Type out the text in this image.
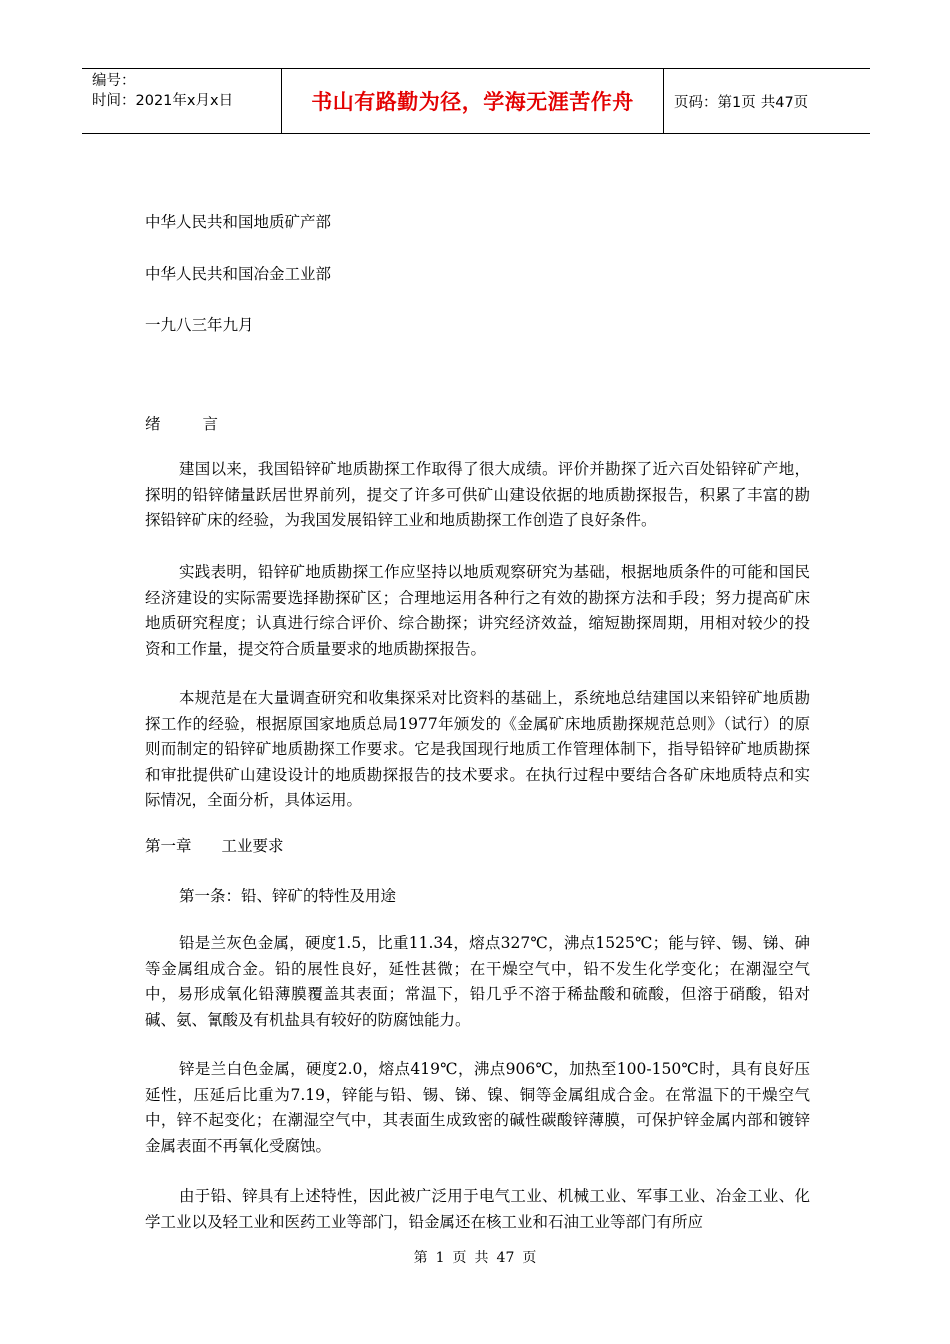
编号：
时间：2021年x月x日	书山有路勤为径，学海无涯苦作舟	页码：第1页 共47页
中华人民共和国地质矿产部
中华人民共和国冶金工业部
一九八三年九月
绪	言
建国以来，我国铅锌矿地质勘探工作取得了很大成绩。评价并勘探了近六百处铅锌矿产地，探明的铅锌储量跃居世界前列，提交了许多可供矿山建设依据的地质勘探报告，积累了丰富的勘探铅锌矿床的经验，为我国发展铅锌工业和地质勘探工作创造了良好条件。
实践表明，铅锌矿地质勘探工作应坚持以地质观察研究为基础，根据地质条件的可能和国民经济建设的实际需要选择勘探矿区；合理地运用各种行之有效的勘探方法和手段；努力提高矿床地质研究程度；认真进行综合评价、综合勘探；讲究经济效益，缩短勘探周期，用相对较少的投资和工作量，提交符合质量要求的地质勘探报告。
本规范是在大量调查研究和收集探采对比资料的基础上，系统地总结建国以来铅锌矿地质勘探工作的经验，根据原国家地质总局1977年颁发的《金属矿床地质勘探规范总则》（试行）的原则而制定的铅锌矿地质勘探工作要求。它是我国现行地质工作管理体制下，指导铅锌矿地质勘探和审批提供矿山建设设计的地质勘探报告的技术要求。在执行过程中要结合各矿床地质特点和实际情况，全面分析，具体运用。
第一章 工业要求
第一条：铅、锌矿的特性及用途
铅是兰灰色金属，硬度1.5，比重11.34，熔点327℃，沸点1525℃；能与锌、锡、锑、砷等金属组成合金。铅的展性良好，延性甚微；在干燥空气中，铅不发生化学变化；在潮湿空气中，易形成氧化铅薄膜覆盖其表面；常温下，铅几乎不溶于稀盐酸和硫酸，但溶于硝酸，铅对碱、氨、氰酸及有机盐具有较好的防腐蚀能力。
锌是兰白色金属，硬度2.0，熔点419℃，沸点906℃，加热至100-150℃时，具有良好压延性，压延后比重为7.19，锌能与铅、锡、锑、镍、铜等金属组成合金。在常温下的干燥空气中，锌不起变化；在潮湿空气中，其表面生成致密的碱性碳酸锌薄膜，可保护锌金属内部和镀锌金属表面不再氧化受腐蚀。
由于铅、锌具有上述特性，因此被广泛用于电气工业、机械工业、军事工业、冶金工业、化学工业以及轻工业和医药工业等部门，铅金属还在核工业和石油工业等部门有所应
第 1 页 共 47 页
